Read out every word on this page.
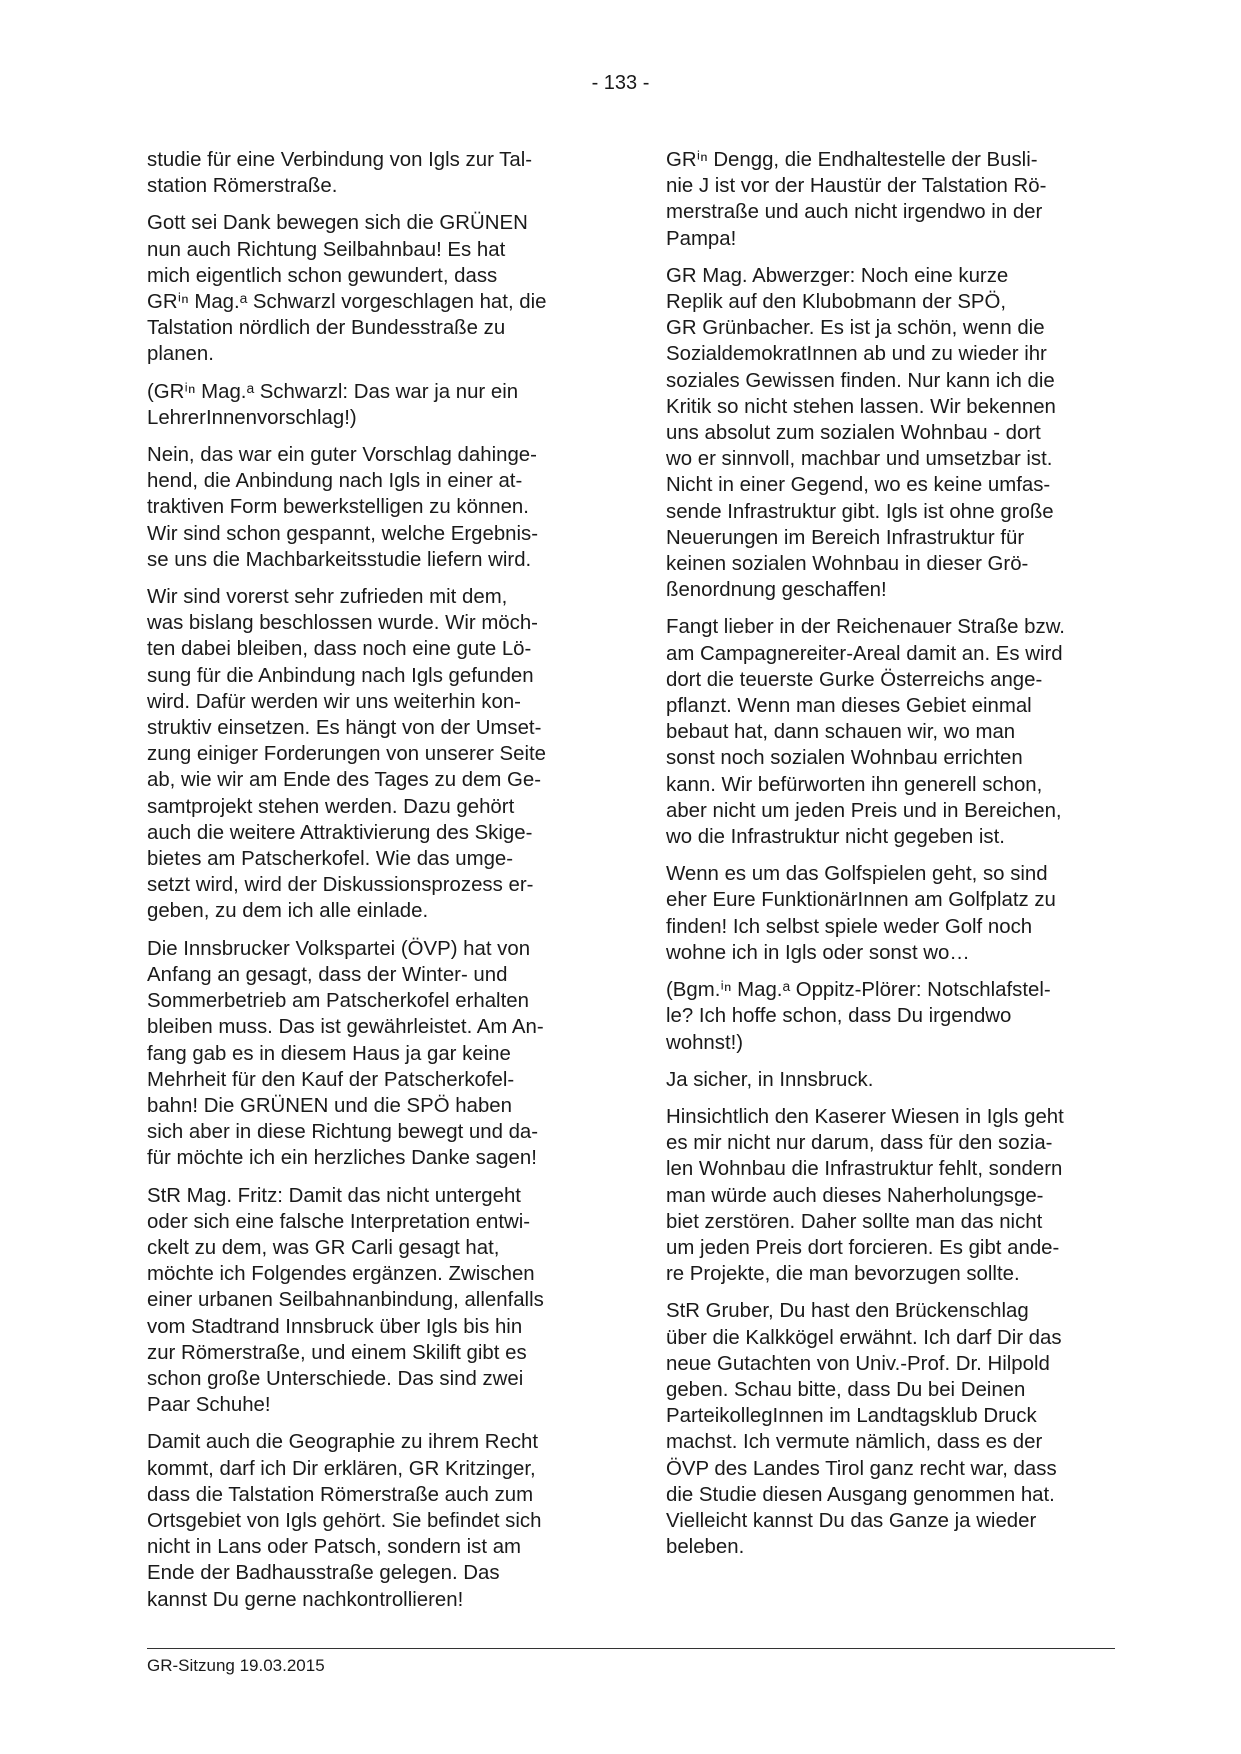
- 133 -

studie für eine Verbindung von Igls zur Tal-
station Römerstraße.

Gott sei Dank bewegen sich die GRÜNEN
nun auch Richtung Seilbahnbau! Es hat
mich eigentlich schon gewundert, dass
GRⁱⁿ Mag.ᵃ Schwarzl vorgeschlagen hat, die
Talstation nördlich der Bundesstraße zu
planen.

(GRⁱⁿ Mag.ᵃ Schwarzl: Das war ja nur ein
LehrerInnenvorschlag!)

Nein, das war ein guter Vorschlag dahinge-
hend, die Anbindung nach Igls in einer at-
traktiven Form bewerkstelligen zu können.
Wir sind schon gespannt, welche Ergebnis-
se uns die Machbarkeitsstudie liefern wird.

Wir sind vorerst sehr zufrieden mit dem,
was bislang beschlossen wurde. Wir möch-
ten dabei bleiben, dass noch eine gute Lö-
sung für die Anbindung nach Igls gefunden
wird. Dafür werden wir uns weiterhin kon-
struktiv einsetzen. Es hängt von der Umset-
zung einiger Forderungen von unserer Seite
ab, wie wir am Ende des Tages zu dem Ge-
samtprojekt stehen werden. Dazu gehört
auch die weitere Attraktivierung des Skige-
bietes am Patscherkofel. Wie das umge-
setzt wird, wird der Diskussionsprozess er-
geben, zu dem ich alle einlade.

Die Innsbrucker Volkspartei (ÖVP) hat von
Anfang an gesagt, dass der Winter- und
Sommerbetrieb am Patscherkofel erhalten
bleiben muss. Das ist gewährleistet. Am An-
fang gab es in diesem Haus ja gar keine
Mehrheit für den Kauf der Patscherkofel-
bahn! Die GRÜNEN und die SPÖ haben
sich aber in diese Richtung bewegt und da-
für möchte ich ein herzliches Danke sagen!

StR Mag. Fritz: Damit das nicht untergeht
oder sich eine falsche Interpretation entwi-
ckelt zu dem, was GR Carli gesagt hat,
möchte ich Folgendes ergänzen. Zwischen
einer urbanen Seilbahnanbindung, allenfalls
vom Stadtrand Innsbruck über Igls bis hin
zur Römerstraße, und einem Skilift gibt es
schon große Unterschiede. Das sind zwei
Paar Schuhe!

Damit auch die Geographie zu ihrem Recht
kommt, darf ich Dir erklären, GR Kritzinger,
dass die Talstation Römerstraße auch zum
Ortsgebiet von Igls gehört. Sie befindet sich
nicht in Lans oder Patsch, sondern ist am
Ende der Badhausstraße gelegen. Das
kannst Du gerne nachkontrollieren!

GRⁱⁿ Dengg, die Endhaltestelle der Busli-
nie J ist vor der Haustür der Talstation Rö-
merstraße und auch nicht irgendwo in der
Pampa!

GR Mag. Abwerzger: Noch eine kurze
Replik auf den Klubobmann der SPÖ,
GR Grünbacher. Es ist ja schön, wenn die
SozialdemokratInnen ab und zu wieder ihr
soziales Gewissen finden. Nur kann ich die
Kritik so nicht stehen lassen. Wir bekennen
uns absolut zum sozialen Wohnbau - dort
wo er sinnvoll, machbar und umsetzbar ist.
Nicht in einer Gegend, wo es keine umfas-
sende Infrastruktur gibt. Igls ist ohne große
Neuerungen im Bereich Infrastruktur für
keinen sozialen Wohnbau in dieser Grö-
ßenordnung geschaffen!

Fangt lieber in der Reichenauer Straße bzw.
am Campagnereiter-Areal damit an. Es wird
dort die teuerste Gurke Österreichs ange-
pflanzt. Wenn man dieses Gebiet einmal
bebaut hat, dann schauen wir, wo man
sonst noch sozialen Wohnbau errichten
kann. Wir befürworten ihn generell schon,
aber nicht um jeden Preis und in Bereichen,
wo die Infrastruktur nicht gegeben ist.

Wenn es um das Golfspielen geht, so sind
eher Eure FunktionärInnen am Golfplatz zu
finden! Ich selbst spiele weder Golf noch
wohne ich in Igls oder sonst wo…

(Bgm.ⁱⁿ Mag.ᵃ Oppitz-Plörer: Notschlafstel-
le? Ich hoffe schon, dass Du irgendwo
wohnst!)

Ja sicher, in Innsbruck.

Hinsichtlich den Kaserer Wiesen in Igls geht
es mir nicht nur darum, dass für den sozia-
len Wohnbau die Infrastruktur fehlt, sondern
man würde auch dieses Naherholungsge-
biet zerstören. Daher sollte man das nicht
um jeden Preis dort forcieren. Es gibt ande-
re Projekte, die man bevorzugen sollte.

StR Gruber, Du hast den Brückenschlag
über die Kalkkögel erwähnt. Ich darf Dir das
neue Gutachten von Univ.-Prof. Dr. Hilpold
geben. Schau bitte, dass Du bei Deinen
ParteikollegInnen im Landtagsklub Druck
machst. Ich vermute nämlich, dass es der
ÖVP des Landes Tirol ganz recht war, dass
die Studie diesen Ausgang genommen hat.
Vielleicht kannst Du das Ganze ja wieder
beleben.

GR-Sitzung 19.03.2015
